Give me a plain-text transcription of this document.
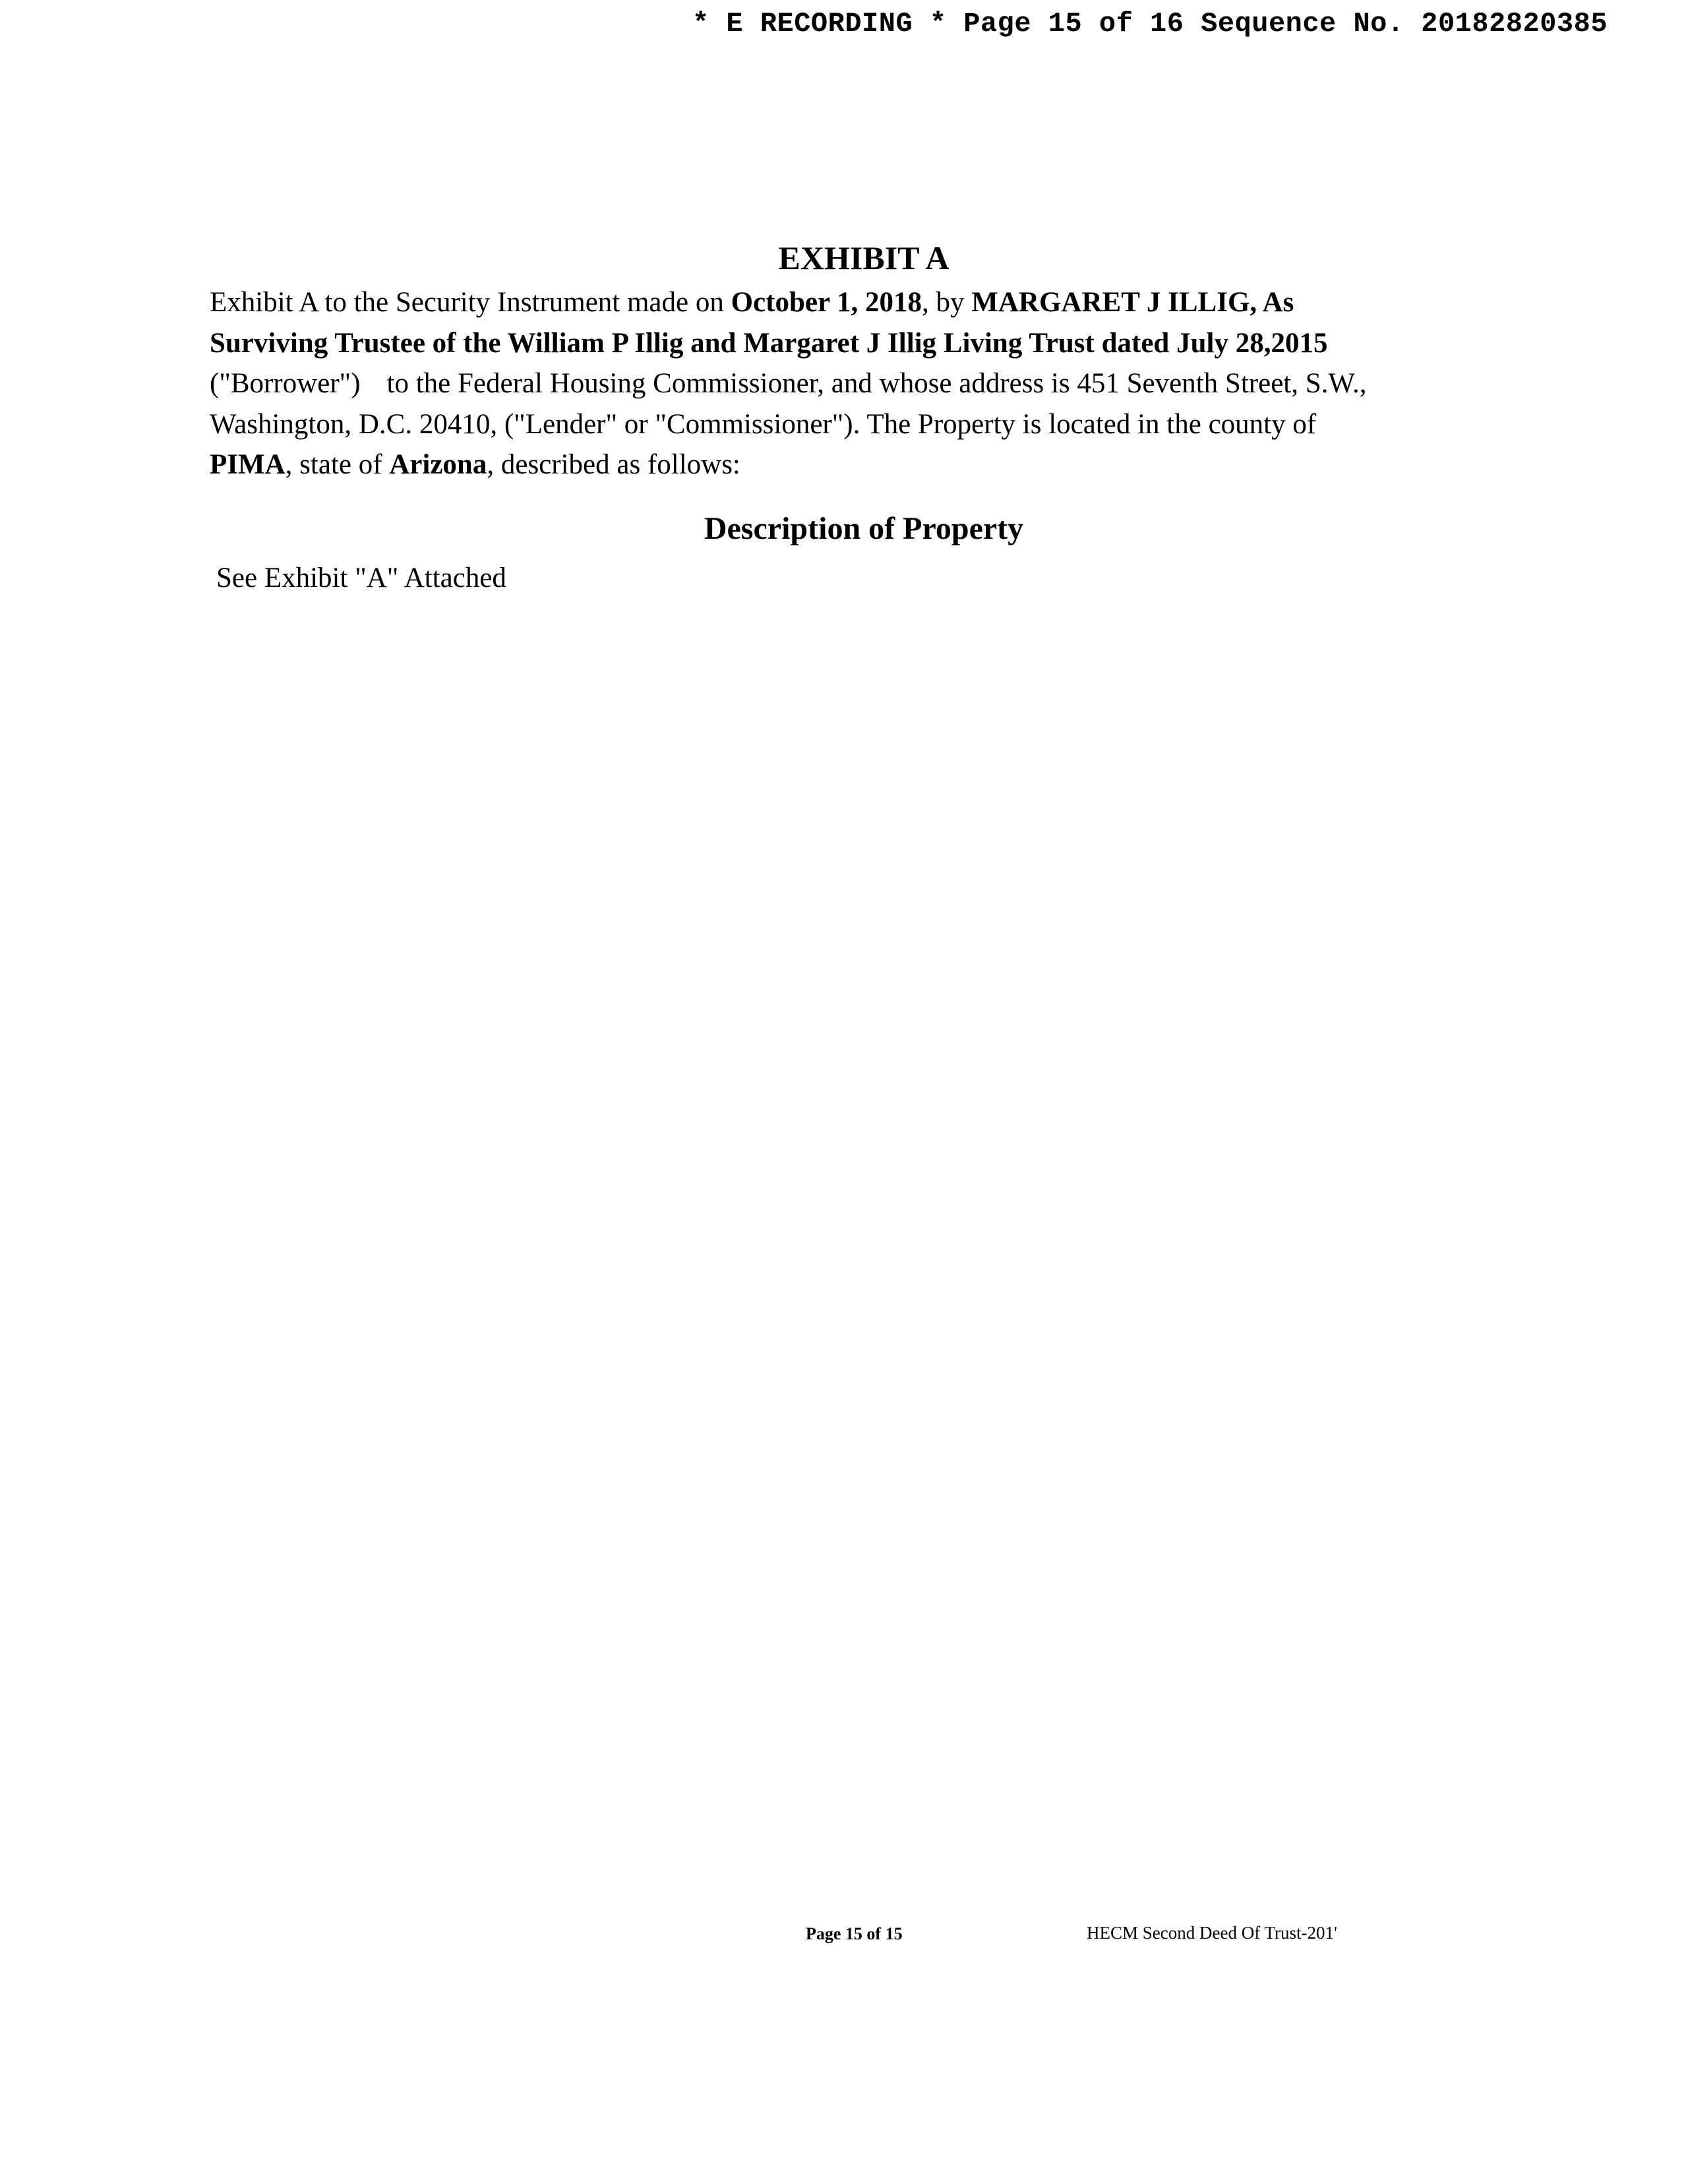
* E RECORDING * Page 15 of 16 Sequence No. 20182820385
EXHIBIT A

Exhibit A to the Security Instrument made on October 1, 2018, by MARGARET J ILLIG, As
Surviving Trustee of the William P Illig and Margaret J Illig Living Trust dated July 28,2015
("Borrower") to the Federal Housing Commissioner, and whose address is 451 Seventh Street, S.W.,
Washington, D.C. 20410, ("Lender" or "Commissioner"). The Property is located in the county of
PIMA, state of Arizona, described as follows:

Description of Property

See Exhibit "A" Attached

Page 15 of 15	HECM Second Deed Of Trust-201'
